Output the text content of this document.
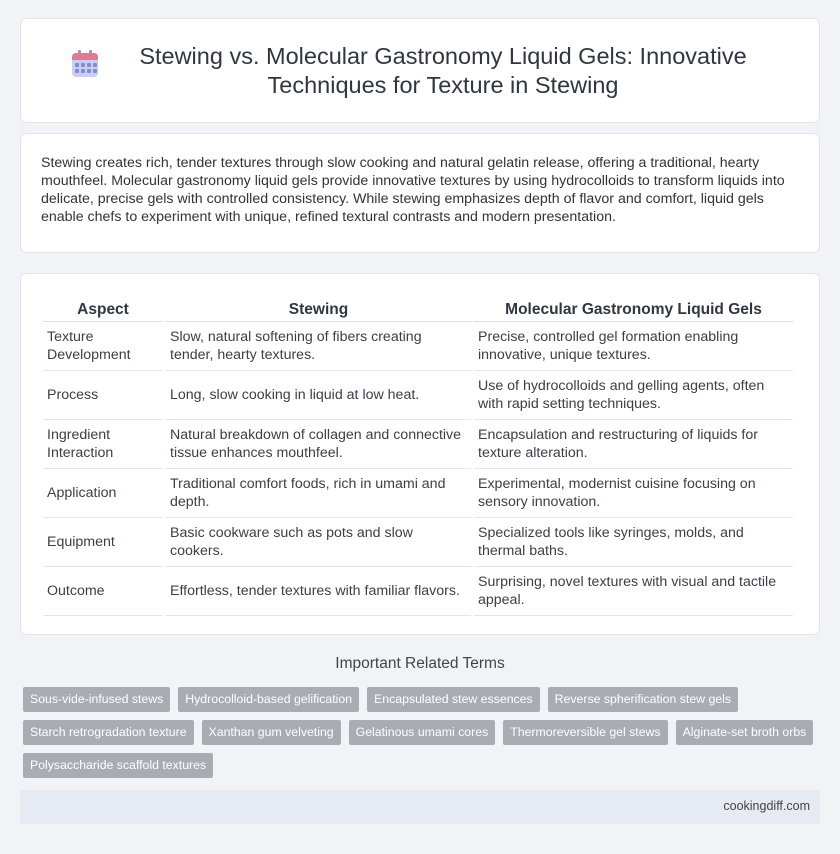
Stewing vs. Molecular Gastronomy Liquid Gels: Innovative Techniques for Texture in Stewing

Stewing creates rich, tender textures through slow cooking and natural gelatin release, offering a traditional, hearty mouthfeel. Molecular gastronomy liquid gels provide innovative textures by using hydrocolloids to transform liquids into delicate, precise gels with controlled consistency. While stewing emphasizes depth of flavor and comfort, liquid gels enable chefs to experiment with unique, refined textural contrasts and modern presentation.

Aspect	Stewing	Molecular Gastronomy Liquid Gels
Texture Development	Slow, natural softening of fibers creating tender, hearty textures.	Precise, controlled gel formation enabling innovative, unique textures.
Process	Long, slow cooking in liquid at low heat.	Use of hydrocolloids and gelling agents, often with rapid setting techniques.
Ingredient Interaction	Natural breakdown of collagen and connective tissue enhances mouthfeel.	Encapsulation and restructuring of liquids for texture alteration.
Application	Traditional comfort foods, rich in umami and depth.	Experimental, modernist cuisine focusing on sensory innovation.
Equipment	Basic cookware such as pots and slow cookers.	Specialized tools like syringes, molds, and thermal baths.
Outcome	Effortless, tender textures with familiar flavors.	Surprising, novel textures with visual and tactile appeal.
Important Related Terms
Sous-vide-infused stews	Hydrocolloid-based gelification	Encapsulated stew essences	Reverse spherification stew gels
Starch retrogradation texture	Xanthan gum velveting	Gelatinous umami cores	Thermoreversible gel stews	Alginate-set broth orbs
Polysaccharide scaffold textures
cookingdiff.com
